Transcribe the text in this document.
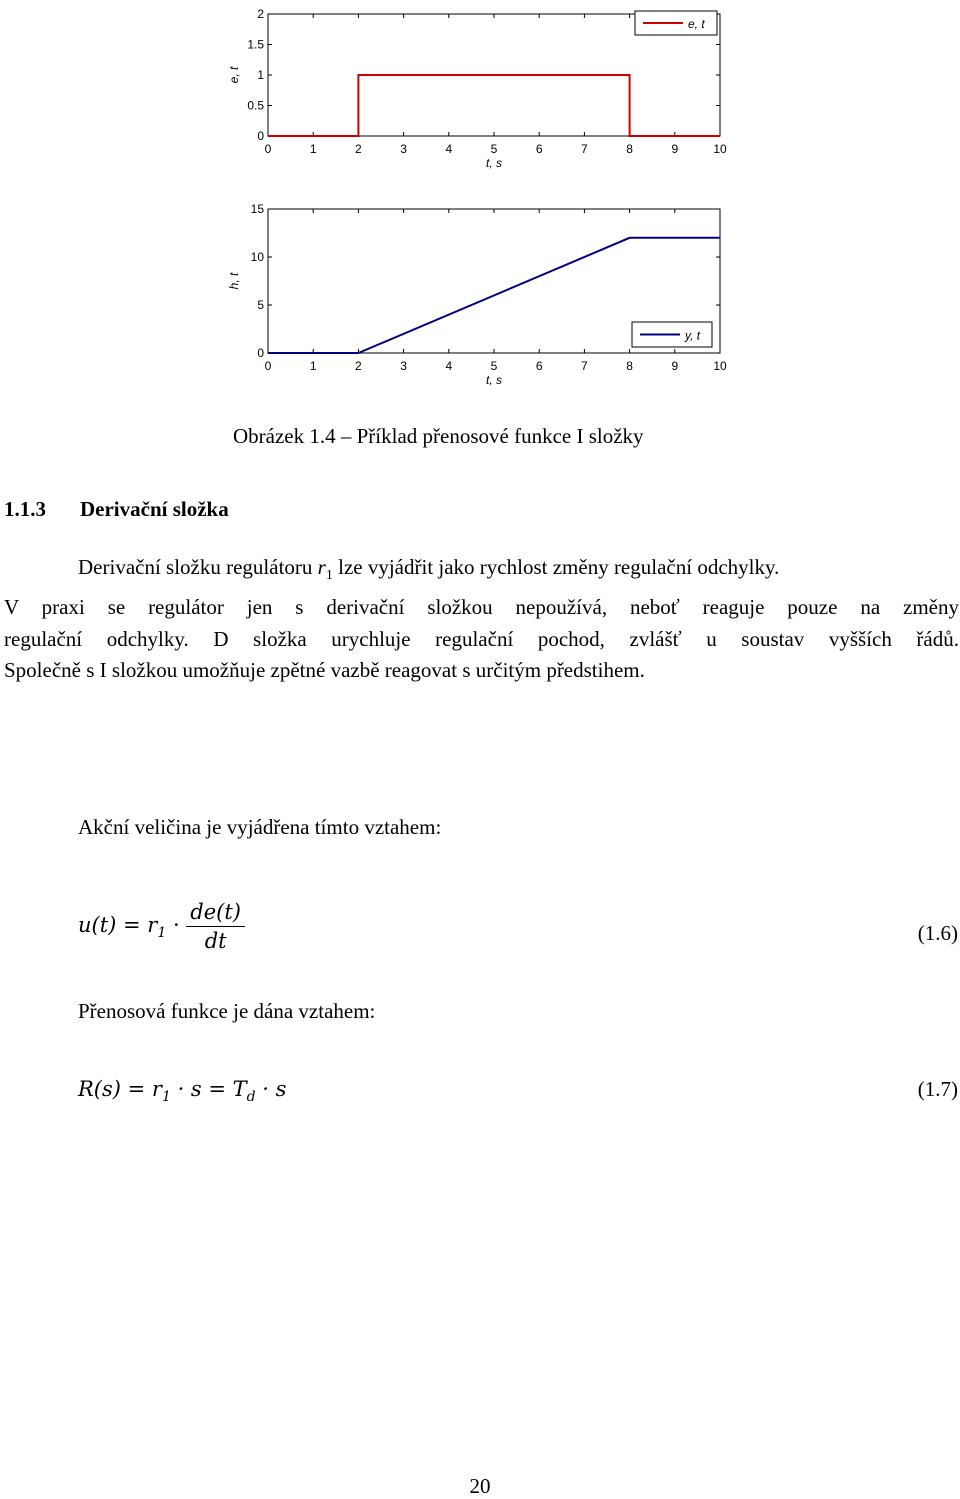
0	1	2	3	4	5	6	7	8	9	10
0
0.5
1
1.5
2
t, s
e, t
e, t
0	1	2	3	4	5	6	7	8	9	10
0
5
10
15
t, s
h, t
y, t
Obrázek 1.4 – Příklad přenosové funkce I složky
1.1.3 Derivační složka
Derivační složku regulátoru $r_1$ lze vyjádřit jako rychlost změny regulační odchylky.
V praxi se regulátor jen s derivační složkou nepoužívá, neboť reaguje pouze na změny
regulační odchylky. D složka urychluje regulační pochod, zvlášť u soustav vyšších řádů.
Společně s I složkou umožňuje zpětné vazbě reagovat s určitým předstihem.
Akční veličina je vyjádřena tímto vztahem:
$u(t) = r_1 \cdot \frac{de(t)}{dt}$	(1.6)
Přenosová funkce je dána vztahem:
$R(s) = r_1 \cdot s = T_d \cdot s$	(1.7)
20
